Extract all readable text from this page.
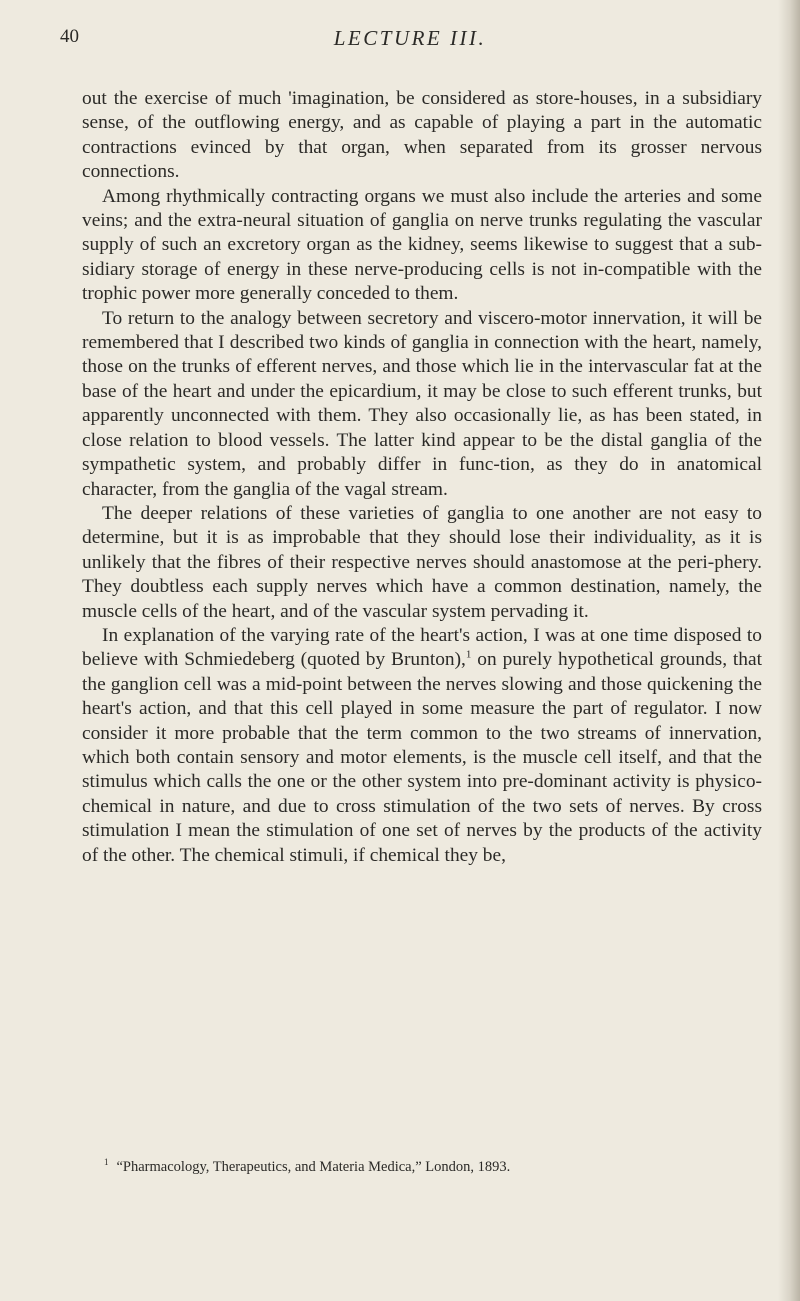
40	LECTURE III.

out the exercise of much 'imagination, be considered as store-houses, in a subsidiary sense, of the outflowing energy, and as capable of playing a part in the automatic contractions evinced by that organ, when separated from its grosser nervous connections.

Among rhythmically contracting organs we must also include the arteries and some veins; and the extra-neural situation of ganglia on nerve trunks regulating the vascular supply of such an excretory organ as the kidney, seems likewise to suggest that a sub-sidiary storage of energy in these nerve-producing cells is not in-compatible with the trophic power more generally conceded to them.

To return to the analogy between secretory and viscero-motor innervation, it will be remembered that I described two kinds of ganglia in connection with the heart, namely, those on the trunks of efferent nerves, and those which lie in the intervascular fat at the base of the heart and under the epicardium, it may be close to such efferent trunks, but apparently unconnected with them. They also occasionally lie, as has been stated, in close relation to blood vessels. The latter kind appear to be the distal ganglia of the sympathetic system, and probably differ in func-tion, as they do in anatomical character, from the ganglia of the vagal stream.

The deeper relations of these varieties of ganglia to one another are not easy to determine, but it is as improbable that they should lose their individuality, as it is unlikely that the fibres of their respective nerves should anastomose at the peri-phery. They doubtless each supply nerves which have a common destination, namely, the muscle cells of the heart, and of the vascular system pervading it.

In explanation of the varying rate of the heart's action, I was at one time disposed to believe with Schmiedeberg (quoted by Brunton),$^1$ on purely hypothetical grounds, that the ganglion cell was a mid-point between the nerves slowing and those quickening the heart's action, and that this cell played in some measure the part of regulator. I now consider it more probable that the term common to the two streams of innervation, which both contain sensory and motor elements, is the muscle cell itself, and that the stimulus which calls the one or the other system into pre-dominant activity is physico-chemical in nature, and due to cross stimulation of the two sets of nerves. By cross stimulation I mean the stimulation of one set of nerves by the products of the activity of the other. The chemical stimuli, if chemical they be,

$^1$ “Pharmacology, Therapeutics, and Materia Medica,” London, 1893.
